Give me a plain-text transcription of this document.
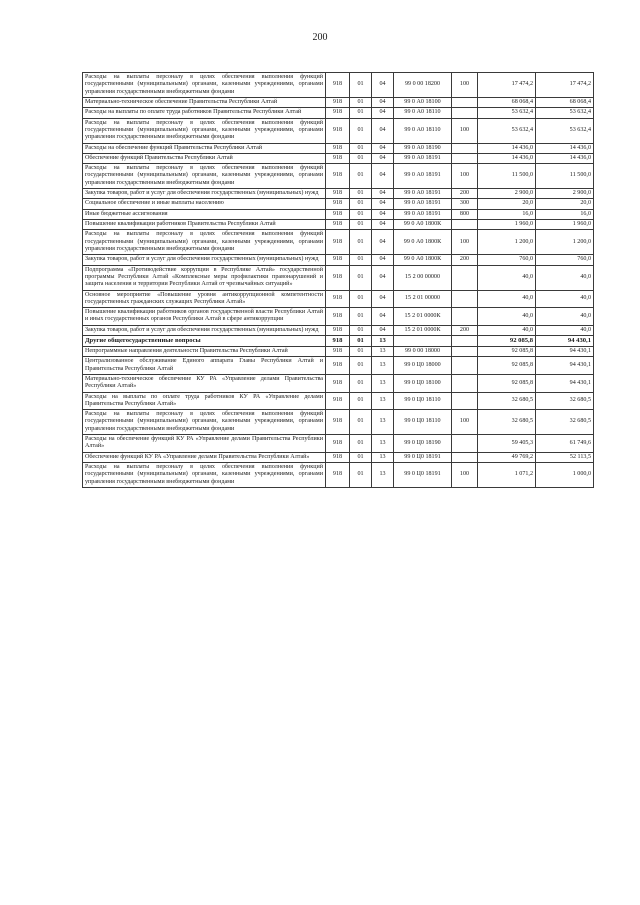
200
Расходы на выплаты персоналу в целях обеспечения выполнения функций государственными (муниципальными) органами, казенными учреждениями, органами управления государственными внебюджетными фондами	918	01	04	99 0 00 18200	100	17 474,2	17 474,2
Материально-техническое обеспечение Правительства Республики Алтай	918	01	04	99 0 А0 18100		68 068,4	68 068,4
Расходы на выплаты по оплате труда работников Правительства Республики Алтай	918	01	04	99 0 А0 18110		53 632,4	53 632,4
Расходы на выплаты персоналу в целях обеспечения выполнения функций государственными (муниципальными) органами, казенными учреждениями, органами управления государственными внебюджетными фондами	918	01	04	99 0 А0 18110	100	53 632,4	53 632,4
Расходы на обеспечение функций Правительства Республики Алтай	918	01	04	99 0 А0 18190		14 436,0	14 436,0
Обеспечение функций Правительства Республики Алтай	918	01	04	99 0 А0 18191		14 436,0	14 436,0
Расходы на выплаты персоналу в целях обеспечения выполнения функций государственными (муниципальными) органами, казенными учреждениями, органами управления государственными внебюджетными фондами	918	01	04	99 0 А0 18191	100	11 500,0	11 500,0
Закупка товаров, работ и услуг для обеспечения государственных (муниципальных) нужд	918	01	04	99 0 А0 18191	200	2 900,0	2 900,0
Социальное обеспечение и иные выплаты населению	918	01	04	99 0 А0 18191	300	20,0	20,0
Иные бюджетные ассигнования	918	01	04	99 0 А0 18191	800	16,0	16,0
Повышение квалификации работников Правительства Республики Алтай	918	01	04	99 0 А0 1800К		1 960,0	1 960,0
Расходы на выплаты персоналу в целях обеспечения выполнения функций государственными (муниципальными) органами, казенными учреждениями, органами управления государственными внебюджетными фондами	918	01	04	99 0 А0 1800К	100	1 200,0	1 200,0
Закупка товаров, работ и услуг для обеспечения государственных (муниципальных) нужд	918	01	04	99 0 А0 1800К	200	760,0	760,0
Подпрограмма «Противодействие коррупции в Республике Алтай» государственной программы Республики Алтай «Комплексные меры профилактики правонарушений и защита населения и территории Республики Алтай от чрезвычайных ситуаций»	918	01	04	15 2 00 00000		40,0	40,0
Основное мероприятие «Повышение уровня антикоррупционной компетентности государственных гражданских служащих Республики Алтай»	918	01	04	15 2 01 00000		40,0	40,0
Повышение квалификации работников органов государственной власти Республики Алтай и иных государственных органов Республики Алтай в сфере антикоррупции	918	01	04	15 2 01 0000К		40,0	40,0
Закупка товаров, работ и услуг для обеспечения государственных (муниципальных) нужд	918	01	04	15 2 01 0000К	200	40,0	40,0
Другие общегосударственные вопросы	918	01	13			92 085,8	94 430,1
Непрограммные направления деятельности Правительства Республики Алтай	918	01	13	99 0 00 18000		92 085,8	94 430,1
Централизованное обслуживание Единого аппарата Главы Республики Алтай и Правительства Республики Алтай	918	01	13	99 0 Ц0 18000		92 085,8	94 430,1
Материально-техническое обеспечение КУ РА «Управление делами Правительства Республики Алтай»	918	01	13	99 0 Ц0 18100		92 085,8	94 430,1
Расходы на выплаты по оплате труда работников КУ РА «Управление делами Правительства Республики Алтай»	918	01	13	99 0 Ц0 18110		32 680,5	32 680,5
Расходы на выплаты персоналу в целях обеспечения выполнения функций государственными (муниципальными) органами, казенными учреждениями, органами управления государственными внебюджетными фондами	918	01	13	99 0 Ц0 18110	100	32 680,5	32 680,5
Расходы на обеспечение функций КУ РА «Управление делами Правительства Республики Алтай»	918	01	13	99 0 Ц0 18190		59 405,3	61 749,6
Обеспечение функций КУ РА «Управление делами Правительства Республики Алтай»	918	01	13	99 0 Ц0 18191		49 769,2	52 113,5
Расходы на выплаты персоналу в целях обеспечения выполнения функций государственными (муниципальными) органами, казенными учреждениями, органами управления государственными внебюджетными фондами	918	01	13	99 0 Ц0 18191	100	1 071,2	1 000,0
